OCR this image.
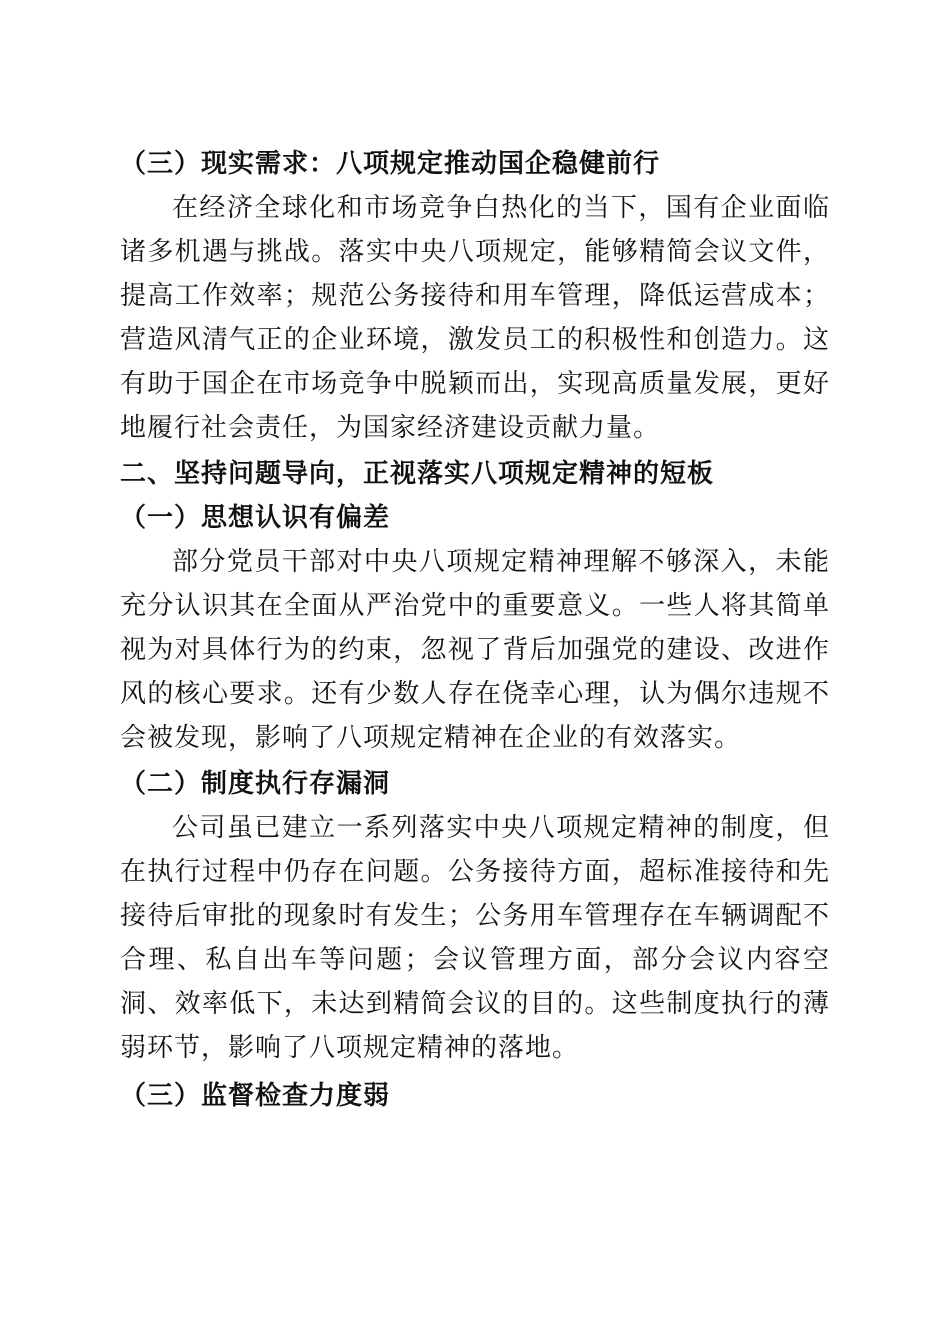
（三）现实需求：八项规定推动国企稳健前行

在经济全球化和市场竞争白热化的当下，国有企业面临诸多机遇与挑战。落实中央八项规定，能够精简会议文件，提高工作效率；规范公务接待和用车管理，降低运营成本；营造风清气正的企业环境，激发员工的积极性和创造力。这有助于国企在市场竞争中脱颖而出，实现高质量发展，更好地履行社会责任，为国家经济建设贡献力量。

二、坚持问题导向，正视落实八项规定精神的短板

（一）思想认识有偏差

部分党员干部对中央八项规定精神理解不够深入，未能充分认识其在全面从严治党中的重要意义。一些人将其简单视为对具体行为的约束，忽视了背后加强党的建设、改进作风的核心要求。还有少数人存在侥幸心理，认为偶尔违规不会被发现，影响了八项规定精神在企业的有效落实。

（二）制度执行存漏洞

公司虽已建立一系列落实中央八项规定精神的制度，但在执行过程中仍存在问题。公务接待方面，超标准接待和先接待后审批的现象时有发生；公务用车管理存在车辆调配不合理、私自出车等问题；会议管理方面，部分会议内容空洞、效率低下，未达到精简会议的目的。这些制度执行的薄弱环节，影响了八项规定精神的落地。

（三）监督检查力度弱
